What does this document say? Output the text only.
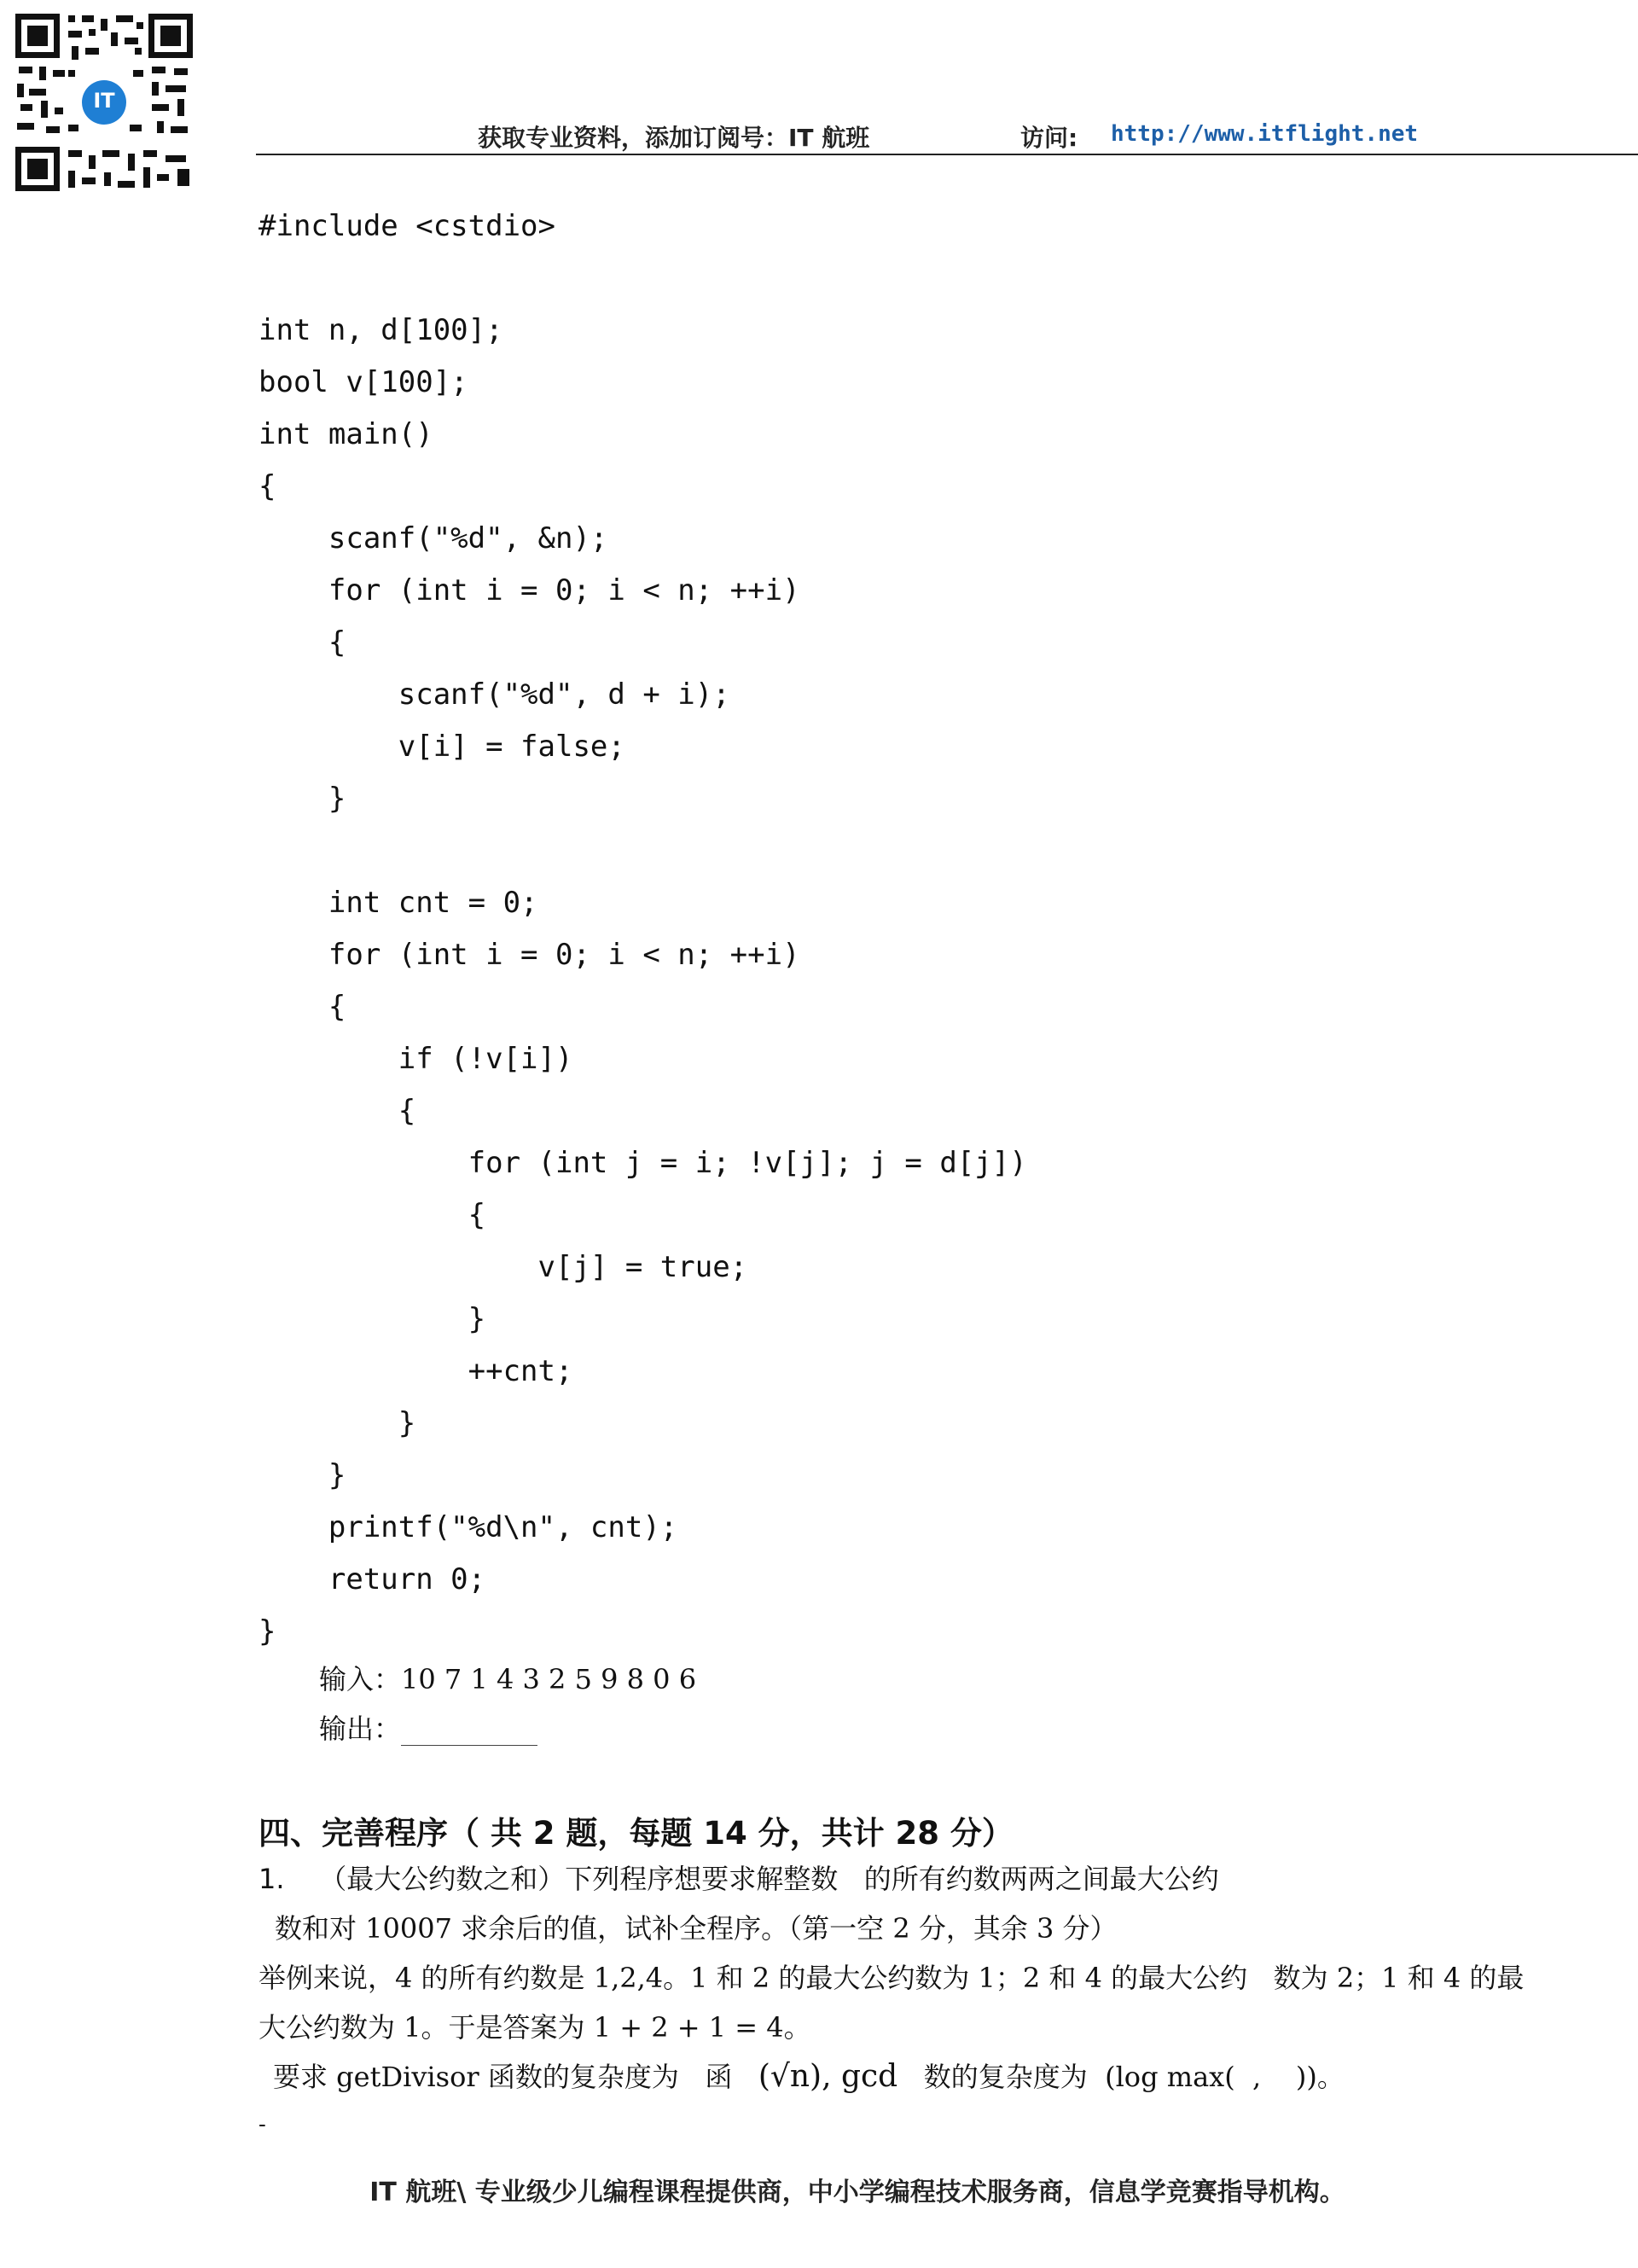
IT
获取专业资料，添加订阅号：IT 航班	访问: http://www.itflight.net
#include <cstdio>
int n, d[100];
bool v[100];
int main()
{
scanf("%d", &n);
for (int i = 0; i < n; ++i)
{
scanf("%d", d + i);
v[i] = false;
}
int cnt = 0;
for (int i = 0; i < n; ++i)
{
if (!v[i])
{
for (int j = i; !v[j]; j = d[j])
{
v[j] = true;
}
++cnt;
}
}
printf("%d\n", cnt);
return 0;
}
输入：10 7 1 4 3 2 5 9 8 0 6
输出：
四、完善程序（ 共 2 题，每题 14 分，共计 28 分）
1. （最大公约数之和）下列程序想要求解整数   的所有约数两两之间最大公约
数和对 10007 求余后的值，试补全程序。（第一空 2 分，其余 3 分）
举例来说，4 的所有约数是 1,2,4。1 和 2 的最大公约数为 1；2 和 4 的最大公约   数为 2；1 和 4 的最
大公约数为 1。于是答案为 1 + 2 + 1 = 4。
要求 getDivisor 函数的复杂度为   函 (√n), gcd 数的复杂度为  (log max(  ,    ))。
-
IT 航班\ 专业级少儿编程课程提供商，中小学编程技术服务商，信息学竞赛指导机构。
